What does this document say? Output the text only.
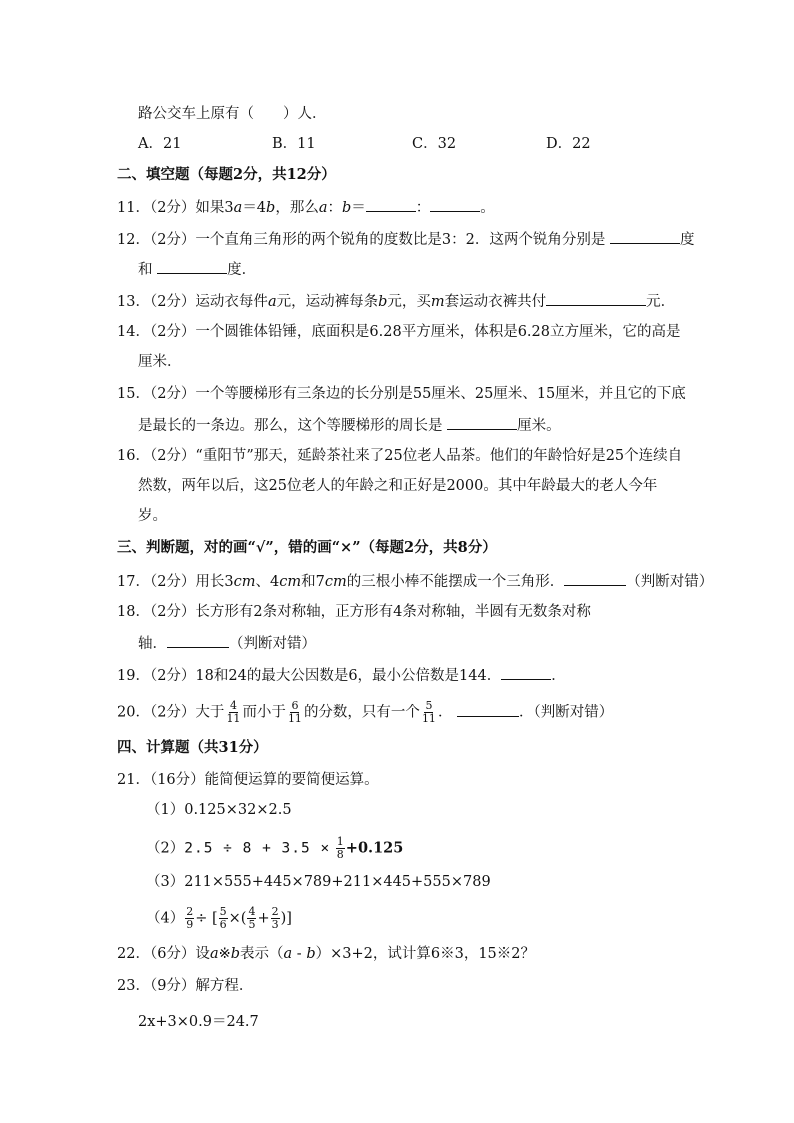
路公交车上原有（　　）人．
A．21	B．11	C．32	D．22
二、填空题（每题2分，共12分）
11．（2分）如果3a＝4b，那么a：b＝	：	。
12．（2分）一个直角三角形的两个锐角的度数比是3：2．这两个锐角分别是	度
和	度．
13．（2分）运动衣每件a元，运动裤每条b元，买m套运动衣裤共付	元．
14．（2分）一个圆锥体铅锤，底面积是6.28平方厘米，体积是6.28立方厘米，它的高是
厘米．
15．（2分）一个等腰梯形有三条边的长分别是55厘米、25厘米、15厘米，并且它的下底
是最长的一条边。那么，这个等腰梯形的周长是	厘米。
16．（2分）“重阳节”那天，延龄茶社来了25位老人品茶。他们的年龄恰好是25个连续自
然数，两年以后，这25位老人的年龄之和正好是2000。其中年龄最大的老人今年
岁。
三、判断题，对的画“√”，错的画“×”（每题2分，共8分）
17．（2分）用长3cm、4cm和7cm的三根小棒不能摆成一个三角形．	（判断对错）
18．（2分）长方形有2条对称轴，正方形有4条对称轴，半圆有无数条对称
轴．	（判断对错）
19．（2分）18和24的最大公因数是6，最小公倍数是144．	．
20．（2分）大于 $\frac{4}{11}$ 而小于 $\frac{6}{11}$ 的分数，只有一个 $\frac{5}{11}$ ．	．（判断对错）
四、计算题（共31分）
21．（16分）能简便运算的要简便运算。
（1）0.125×32×2.5
$(2)2.5 \div 8 + 3.5 \times \frac{1}{8} +0.125$
（3）211×555+445×789+211×445+555×789
$(4) \frac{2}{9}$ ÷ [ $\frac{5}{6}$ ×( $\frac{4}{5} + \frac{2}{3}$ )]
22．（6分）设a※b表示（a - b）×3+2，试计算6※3，15※2？
23．（9分）解方程．
2x+3×0.9＝24.7
